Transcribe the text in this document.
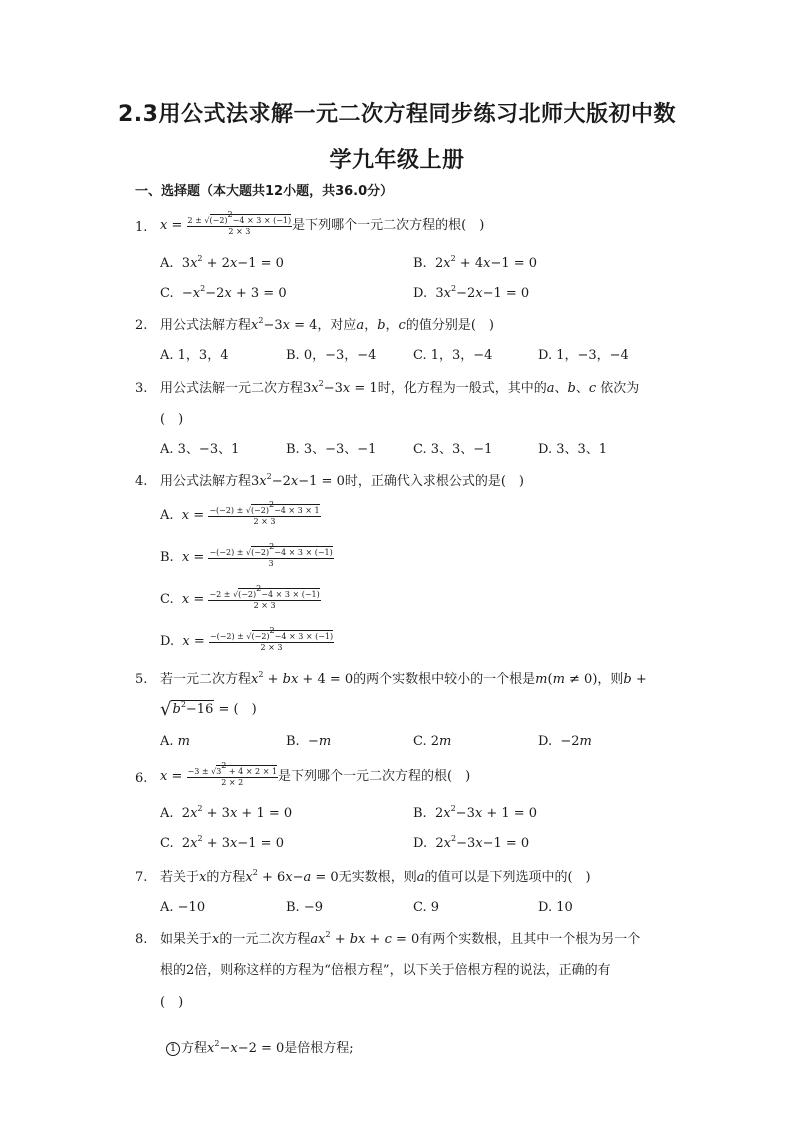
2.3用公式法求解一元二次方程同步练习北师大版初中数
学九年级上册
一、选择题（本大题共12小题，共36.0分）
1. $x = \frac{2 \pm √(-2)^2-4 \times 3 \times (-1)}{2 \times 3}$ 是下列哪个一元二次方程的根(　)
A.  $3x^2 + 2x-1 = 0$	B.  $2x^2 + 4x-1 = 0$
C.  $-x^2-2x + 3 = 0$	D.  $3x^2-2x-1 = 0$
2. 用公式法解方程$x^2-3x = 4$，对应a，b，c的值分别是(　)
A. 1，3，4	B. 0，−3，−4	C. 1，3，−4	D. 1，−3，−4
3. 用公式法解一元二次方程$3x^2-3x = 1$时，化方程为一般式，其中的a、b、c 依次为
(　)
A. 3、−3、1	B. 3、−3、−1	C. 3、3、−1	D. 3、3、1
4. 用公式法解方程$3x^2-2x-1 = 0$时，正确代入求根公式的是(　)
A. $x = \frac{-(-2) \pm √(-2)^2-4 \times 3 \times 1}{2 \times 3}$
B. $x = \frac{-(-2) \pm √(-2)^2-4 \times 3 \times (-1)}{3}$
C. $x = \frac{-2 \pm √(-2)^2-4 \times 3 \times (-1)}{2 \times 3}$
D. $x = \frac{-(-2) \pm √(-2)^2-4 \times 3 \times (-1)}{2 \times 3}$
5. 若一元二次方程$x^2$ + bx + 4 = 0的两个实数根中较小的一个根是m(m ≠ 0)，则b +
$√b^2-16$ = (　)
A. m	B.  −m	C. 2m	D.  −2m
6. $x = \frac{-3 \pm √3^2 + 4 \times 2 \times 1}{2 \times 2}$ 是下列哪个一元二次方程的根(　)
A.  $2x^2 + 3x + 1 = 0$	B.  $2x^2-3x + 1 = 0$
C.  $2x^2 + 3x-1 = 0$	D.  $2x^2-3x-1 = 0$
7. 若关于x的方程$x^2 + 6x-a = 0$无实数根，则a的值可以是下列选项中的(　)
A. −10	B. −9	C. 9	D. 10
8. 如果关于x的一元二次方程$ax^2$ + bx + c = 0有两个实数根，且其中一个根为另一个
根的2倍，则称这样的方程为“倍根方程”，以下关于倍根方程的说法，正确的有
(　)
1 方程$x^2-x-2 = 0$是倍根方程;
